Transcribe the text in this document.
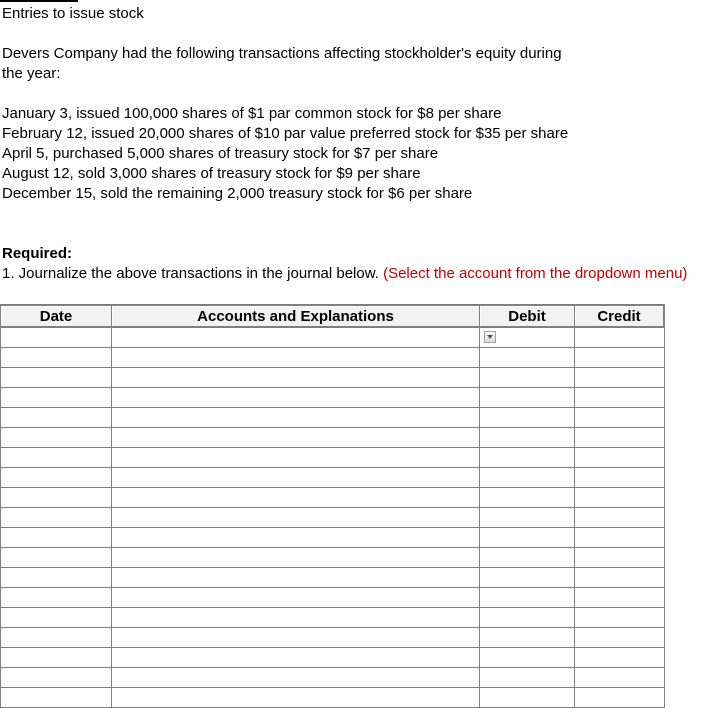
Entries to issue stock
Devers Company had the following transactions affecting stockholder's equity during the year:
January 3, issued 100,000 shares of $1 par common stock for $8 per share
February 12, issued 20,000 shares of $10 par value preferred stock for $35 per share
April 5, purchased 5,000 shares of treasury stock for $7 per share
August 12, sold 3,000 shares of treasury stock for $9 per share
December 15, sold the remaining 2,000 treasury stock for $6 per share
Required:
1. Journalize the above transactions in the journal below. (Select the account from the dropdown menu)
Date	Accounts and Explanations	Debit	Credit
